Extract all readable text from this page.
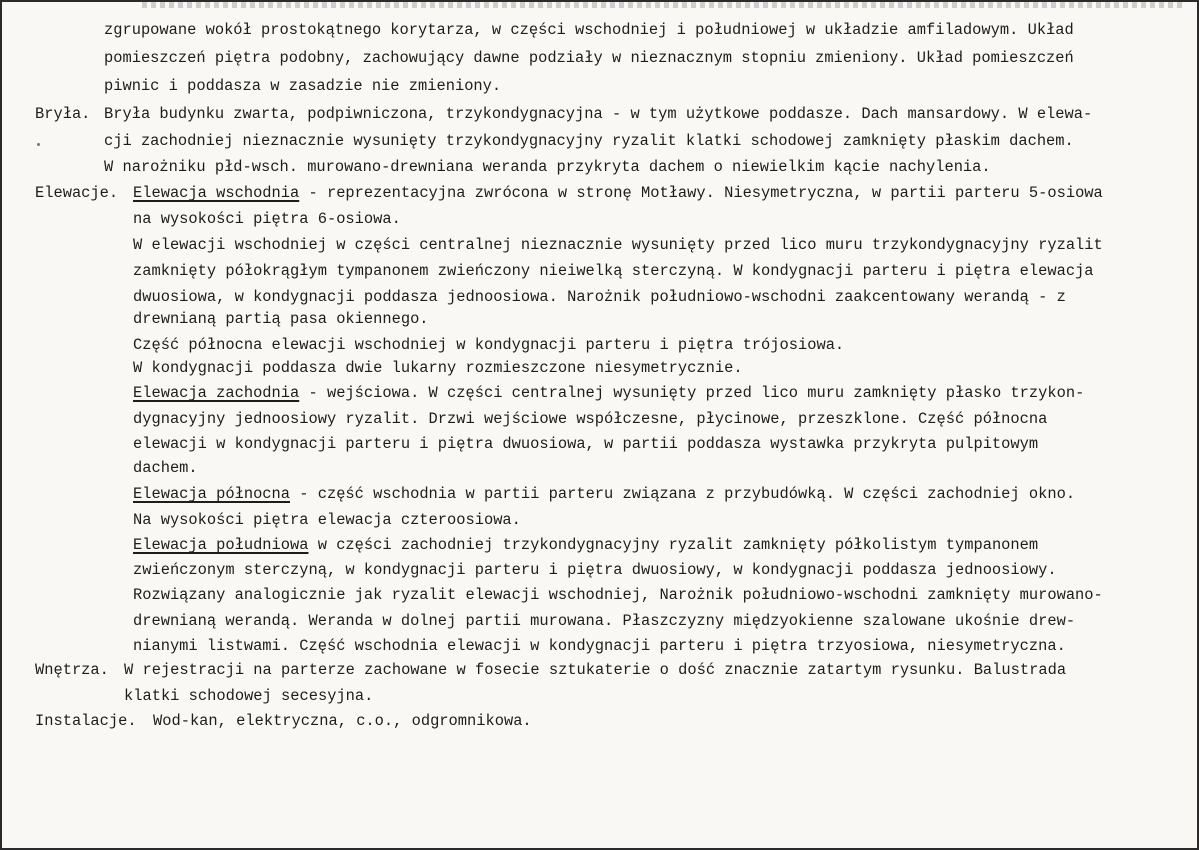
zgrupowane wokół prostokątnego korytarza, w części wschodniej i południowej w układzie amfiladowym. Układ
pomieszczeń piętra podobny, zachowujący dawne podziały w nieznacznym stopniu zmieniony. Układ pomieszczeń
piwnic i poddasza w zasadzie nie zmieniony.
Bryła. Bryła budynku zwarta, podpiwniczona, trzykondygnacyjna - w tym użytkowe poddasze. Dach mansardowy. W elewa-
cji zachodniej nieznacznie wysunięty trzykondygnacyjny ryzalit klatki schodowej zamknięty płaskim dachem.
W narożniku płd-wsch. murowano-drewniana weranda przykryta dachem o niewielkim kącie nachylenia.
Elewacje. Elewacja wschodnia - reprezentacyjna zwrócona w stronę Motławy. Niesymetryczna, w partii parteru 5-osiowa
na wysokości piętra 6-osiowa.
W elewacji wschodniej w części centralnej nieznacznie wysunięty przed lico muru trzykondygnacyjny ryzalit
zamknięty półokrągłym tympanonem zwieńczony nieiwelką sterczyną. W kondygnacji parteru i piętra elewacja
dwuosiowa, w kondygnacji poddasza jednoosiowa. Narożnik południowo-wschodni zaakcentowany werandą - z
drewnianą partią pasa okiennego.
Część północna elewacji wschodniej w kondygnacji parteru i piętra trójosiowa.
W kondygnacji poddasza dwie lukarny rozmieszczone niesymetrycznie.
Elewacja zachodnia - wejściowa. W części centralnej wysunięty przed lico muru zamknięty płasko trzykon-
dygnacyjny jednoosiowy ryzalit. Drzwi wejściowe współczesne, płycinowe, przeszklone. Część północna
elewacji w kondygnacji parteru i piętra dwuosiowa, w partii poddasza wystawka przykryta pulpitowym
dachem.
Elewacja północna - część wschodnia w partii parteru związana z przybudówką. W części zachodniej okno.
Na wysokości piętra elewacja czteroosiowa.
Elewacja południowa w części zachodniej trzykondygnacyjny ryzalit zamknięty półkolistym tympanonem
zwieńczonym sterczyną, w kondygnacji parteru i piętra dwuosiowy, w kondygnacji poddasza jednoosiowy.
Rozwiązany analogicznie jak ryzalit elewacji wschodniej, Narożnik południowo-wschodni zamknięty murowano-
drewnianą werandą. Weranda w dolnej partii murowana. Płaszczyzny międzyokienne szalowane ukośnie drew-
nianymi listwami. Część wschodnia elewacji w kondygnacji parteru i piętra trzyosiowa, niesymetryczna.
Wnętrza. W rejestracji na parterze zachowane w fosecie sztukaterie o dość znacznie zatartym rysunku. Balustrada
klatki schodowej secesyjna.
Instalacje. Wod-kan, elektryczna, c.o., odgromnikowa.
